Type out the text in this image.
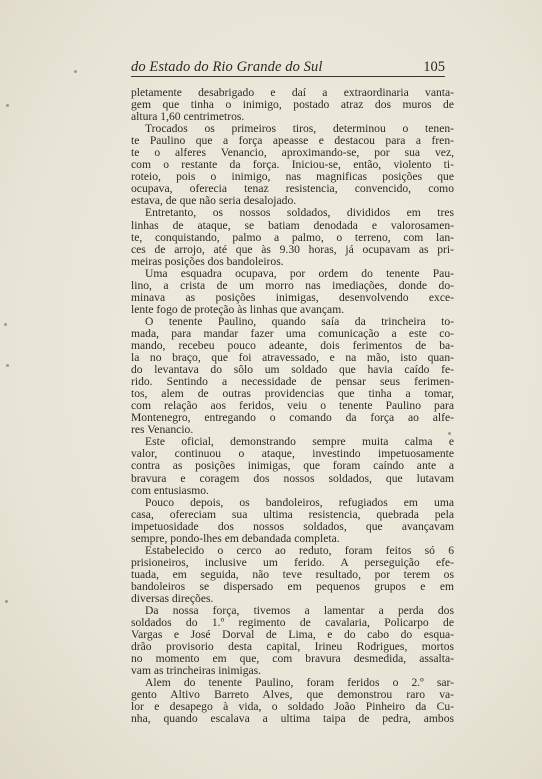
do Estado do Rio Grande do Sul	105
pletamente desabrigado e daí a extraordinaria vanta-
gem que tinha o inimigo, postado atraz dos muros de
altura 1,60 centrimetros.
Trocados os primeiros tiros, determinou o tenen-
te Paulino que a força apeasse e destacou para a fren-
te o alferes Venancio, aproximando-se, por sua vez,
com o restante da força. Iniciou-se, então, violento ti-
roteio, pois o inimigo, nas magnificas posições que
ocupava, oferecia tenaz resistencia, convencido, como
estava, de que não seria desalojado.
Entretanto, os nossos soldados, divididos em tres
linhas de ataque, se batiam denodada e valorosamen-
te, conquistando, palmo a palmo, o terreno, com lan-
ces de arrojo, até que às 9.30 horas, já ocupavam as pri-
meiras posições dos bandoleiros.
Uma esquadra ocupava, por ordem do tenente Pau-
lino, a crista de um morro nas imediações, donde do-
minava as posições inimigas, desenvolvendo exce-
lente fogo de proteção às linhas que avançam.
O tenente Paulino, quando saía da trincheira to-
mada, para mandar fazer uma comunicação a este co-
mando, recebeu pouco adeante, dois ferimentos de ba-
la no braço, que foi atravessado, e na mão, isto quan-
do levantava do sôlo um soldado que havia caído fe-
rido. Sentindo a necessidade de pensar seus ferimen-
tos, alem de outras providencias que tinha a tomar,
com relação aos feridos, veiu o tenente Paulino para
Montenegro, entregando o comando da força ao alfe-
res Venancio.
Este oficial, demonstrando sempre muita calma e
valor, continuou o ataque, investindo impetuosamente
contra as posições inimigas, que foram caíndo ante a
bravura e coragem dos nossos soldados, que lutavam
com entusiasmo.
Pouco depois, os bandoleiros, refugiados em uma
casa, ofereciam sua ultima resistencia, quebrada pela
impetuosidade dos nossos soldados, que avançavam
sempre, pondo-lhes em debandada completa.
Estabelecido o cerco ao reduto, foram feitos só 6
prisioneiros, inclusive um ferido. A perseguição efe-
tuada, em seguida, não teve resultado, por terem os
bandoleiros se dispersado em pequenos grupos e em
diversas direções.
Da nossa força, tivemos a lamentar a perda dos
soldados do 1.º regimento de cavalaria, Policarpo de
Vargas e José Dorval de Lima, e do cabo do esqua-
drão provisorio desta capital, Irineu Rodrigues, mortos
no momento em que, com bravura desmedida, assalta-
vam as trincheiras inimigas.
Alem do tenente Paulino, foram feridos o 2.º sar-
gento Altivo Barreto Alves, que demonstrou raro va-
lor e desapego à vida, o soldado João Pinheiro da Cu-
nha, quando escalava a ultima taipa de pedra, ambos
